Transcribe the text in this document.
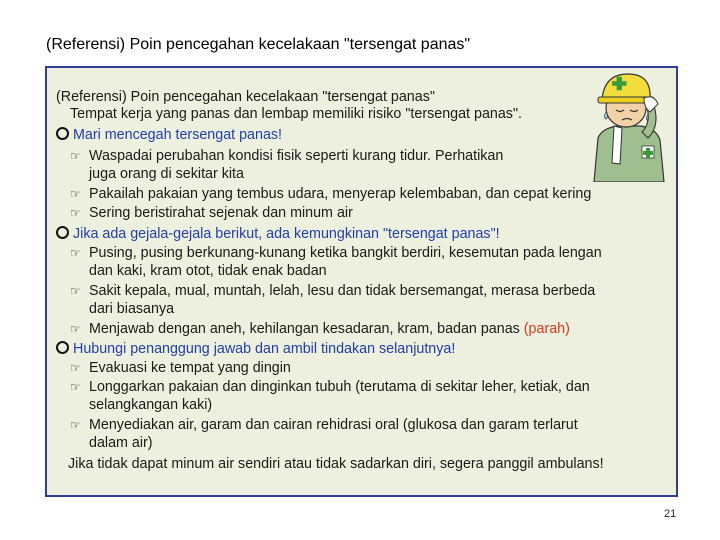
(Referensi) Poin pencegahan kecelakaan "tersengat panas"
(Referensi) Poin pencegahan kecelakaan "tersengat panas"
Tempat kerja yang panas dan lembap memiliki risiko "tersengat panas".
Mari mencegah tersengat panas!
☞ Waspadai perubahan kondisi fisik seperti kurang tidur. Perhatikan
juga orang di sekitar kita
☞ Pakailah pakaian yang tembus udara, menyerap kelembaban, dan cepat kering
☞ Sering beristirahat sejenak dan minum air
Jika ada gejala-gejala berikut, ada kemungkinan "tersengat panas"!
☞ Pusing, pusing berkunang-kunang ketika bangkit berdiri, kesemutan pada lengan
dan kaki, kram otot, tidak enak badan
☞ Sakit kepala, mual, muntah, lelah, lesu dan tidak bersemangat, merasa berbeda
dari biasanya
☞ Menjawab dengan aneh, kehilangan kesadaran, kram, badan panas (parah)
Hubungi penanggung jawab dan ambil tindakan selanjutnya!
☞ Evakuasi ke tempat yang dingin
☞ Longgarkan pakaian dan dinginkan tubuh (terutama di sekitar leher, ketiak, dan
selangkangan kaki)
☞ Menyediakan air, garam dan cairan rehidrasi oral (glukosa dan garam terlarut
dalam air)
Jika tidak dapat minum air sendiri atau tidak sadarkan diri, segera panggil ambulans!
21
